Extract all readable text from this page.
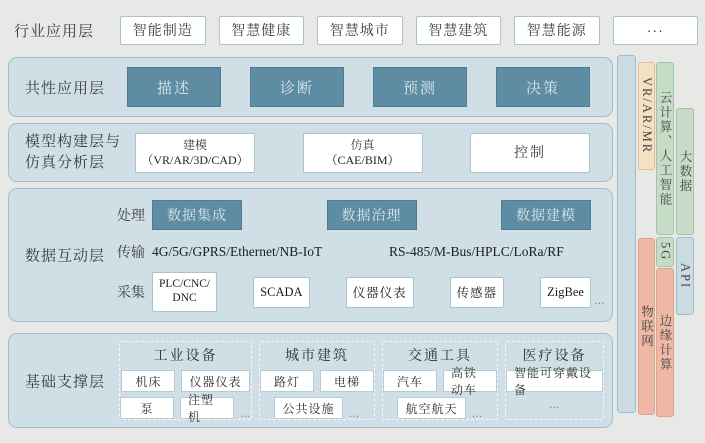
行业应用层	智能制造	智慧健康	智慧城市	智慧建筑	智慧能源	···
共性应用层	描述	诊断	预测	决策
模型构建层与
仿真分析层
建模
（VR/AR/3D/CAD）
仿真
（CAE/BIM）	控制
数据互动层
处理	数据集成	数据治理	数据建模
传输 4G/5G/GPRS/Ethernet/NB-IoT	RS-485/M-Bus/HPLC/LoRa/RF
采集	PLC/CNC/
DNC	SCADA	仪器仪表	传感器	ZigBee
…
基础支撑层
工业设备
机床	仪器仪表
泵
注塑机	…
城市建筑
路灯	电梯
公共设施	…
交通工具
汽车
高铁动车
航空航天	…
医疗设备
智能可穿戴设备
…
VR/AR/MR
物联网
云计算、人工智能
5G
边缘计算
大数据
API
